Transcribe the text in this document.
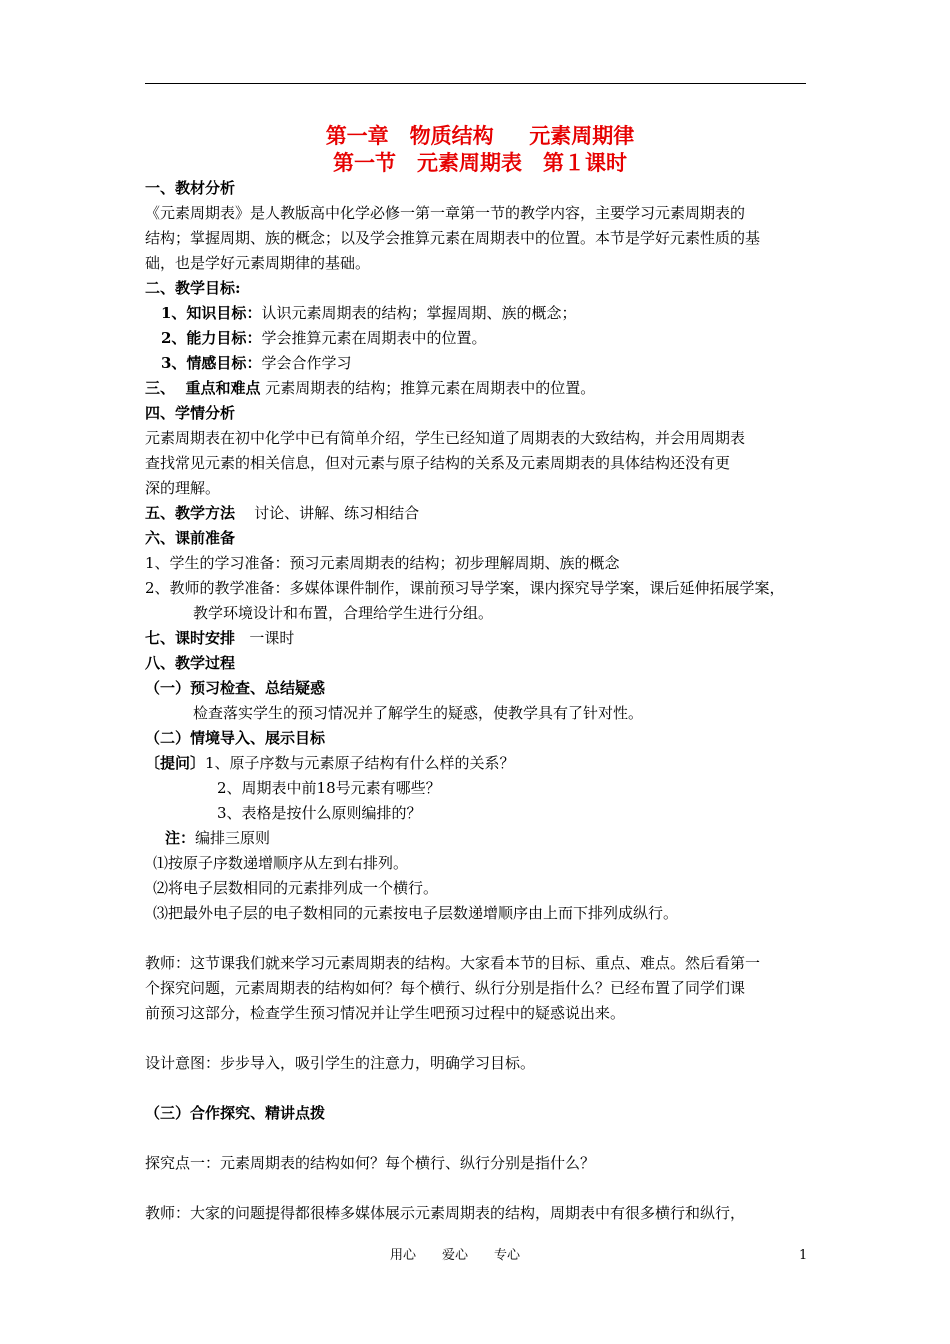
第一章　物质结构　  元素周期律
第一节　元素周期表　第１课时
一、教材分析
《元素周期表》是人教版高中化学必修一第一章第一节的教学内容，主要学习元素周期表的
结构；掌握周期、族的概念；以及学会推算元素在周期表中的位置。本节是学好元素性质的基
础，也是学好元素周期律的基础。
二、教学目标:
1、知识目标：认识元素周期表的结构；掌握周期、族的概念；
2、能力目标：学会推算元素在周期表中的位置。
3、情感目标：学会合作学习
三、  重点和难点 元素周期表的结构；推算元素在周期表中的位置。
四、学情分析
元素周期表在初中化学中已有简单介绍，学生已经知道了周期表的大致结构，并会用周期表
查找常见元素的相关信息，但对元素与原子结构的关系及元素周期表的具体结构还没有更
深的理解。
五、教学方法    讨论、讲解、练习相结合
六、课前准备
1、学生的学习准备：预习元素周期表的结构；初步理解周期、族的概念
2、教师的教学准备：多媒体课件制作，课前预习导学案，课内探究导学案，课后延伸拓展学案，
教学环境设计和布置，合理给学生进行分组。
七、课时安排   一课时
八、教学过程
（一）预习检查、总结疑惑
检查落实学生的预习情况并了解学生的疑惑，使教学具有了针对性。
（二）情境导入、展示目标
〔提问〕1、原子序数与元素原子结构有什么样的关系？
2、周期表中前18号元素有哪些？
3、表格是按什么原则编排的？
注：编排三原则
⑴按原子序数递增顺序从左到右排列。
⑵将电子层数相同的元素排列成一个横行。
⑶把最外电子层的电子数相同的元素按电子层数递增顺序由上而下排列成纵行。
教师：这节课我们就来学习元素周期表的结构。大家看本节的目标、重点、难点。然后看第一
个探究问题，元素周期表的结构如何？每个横行、纵行分别是指什么？已经布置了同学们课
前预习这部分，检查学生预习情况并让学生吧预习过程中的疑惑说出来。
设计意图：步步导入，吸引学生的注意力，明确学习目标。
（三）合作探究、精讲点拨
探究点一：元素周期表的结构如何？每个横行、纵行分别是指什么？
教师：大家的问题提得都很棒多媒体展示元素周期表的结构，周期表中有很多横行和纵行，
用心　　爱心　　专心	1
